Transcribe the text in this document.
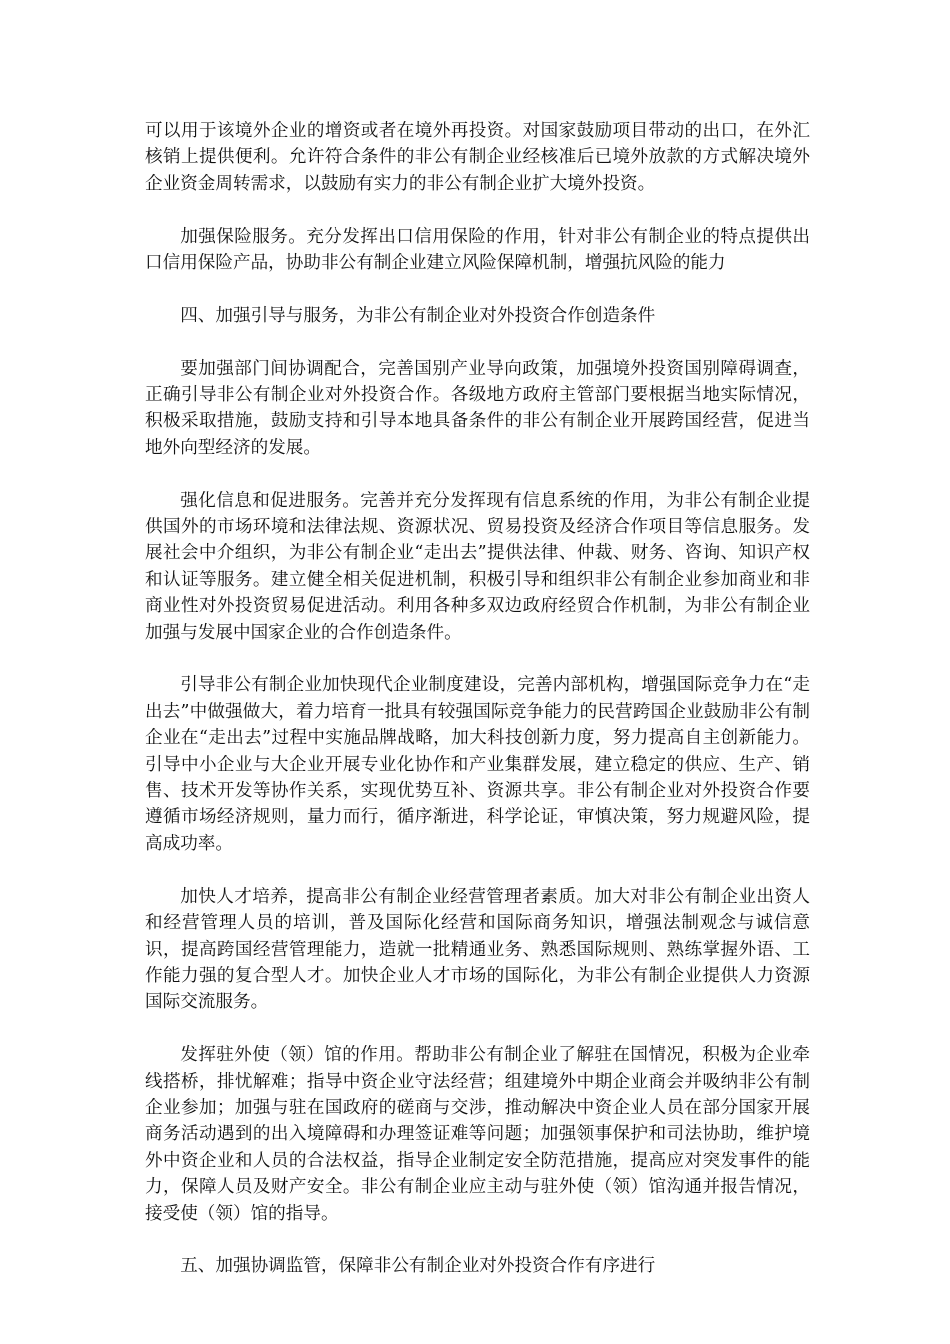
可以用于该境外企业的增资或者在境外再投资。对国家鼓励项目带动的出口，在外汇核销上提供便利。允许符合条件的非公有制企业经核准后已境外放款的方式解决境外企业资金周转需求，以鼓励有实力的非公有制企业扩大境外投资。

加强保险服务。充分发挥出口信用保险的作用，针对非公有制企业的特点提供出口信用保险产品，协助非公有制企业建立风险保障机制，增强抗风险的能力

四、加强引导与服务，为非公有制企业对外投资合作创造条件

要加强部门间协调配合，完善国别产业导向政策，加强境外投资国别障碍调查，正确引导非公有制企业对外投资合作。各级地方政府主管部门要根据当地实际情况，积极采取措施，鼓励支持和引导本地具备条件的非公有制企业开展跨国经营，促进当地外向型经济的发展。

强化信息和促进服务。完善并充分发挥现有信息系统的作用，为非公有制企业提供国外的市场环境和法律法规、资源状况、贸易投资及经济合作项目等信息服务。发展社会中介组织，为非公有制企业“走出去”提供法律、仲裁、财务、咨询、知识产权和认证等服务。建立健全相关促进机制，积极引导和组织非公有制企业参加商业和非商业性对外投资贸易促进活动。利用各种多双边政府经贸合作机制，为非公有制企业加强与发展中国家企业的合作创造条件。

引导非公有制企业加快现代企业制度建设，完善内部机构，增强国际竞争力在“走出去”中做强做大，着力培育一批具有较强国际竞争能力的民营跨国企业鼓励非公有制企业在“走出去”过程中实施品牌战略，加大科技创新力度，努力提高自主创新能力。引导中小企业与大企业开展专业化协作和产业集群发展，建立稳定的供应、生产、销售、技术开发等协作关系，实现优势互补、资源共享。非公有制企业对外投资合作要遵循市场经济规则，量力而行，循序渐进，科学论证，审慎决策，努力规避风险，提高成功率。

加快人才培养，提高非公有制企业经营管理者素质。加大对非公有制企业出资人和经营管理人员的培训，普及国际化经营和国际商务知识，增强法制观念与诚信意识，提高跨国经营管理能力，造就一批精通业务、熟悉国际规则、熟练掌握外语、工作能力强的复合型人才。加快企业人才市场的国际化，为非公有制企业提供人力资源国际交流服务。

发挥驻外使（领）馆的作用。帮助非公有制企业了解驻在国情况，积极为企业牵线搭桥，排忧解难；指导中资企业守法经营；组建境外中期企业商会并吸纳非公有制企业参加；加强与驻在国政府的磋商与交涉，推动解决中资企业人员在部分国家开展商务活动遇到的出入境障碍和办理签证难等问题；加强领事保护和司法协助，维护境外中资企业和人员的合法权益，指导企业制定安全防范措施，提高应对突发事件的能力，保障人员及财产安全。非公有制企业应主动与驻外使（领）馆沟通并报告情况，接受使（领）馆的指导。

五、加强协调监管，保障非公有制企业对外投资合作有序进行
